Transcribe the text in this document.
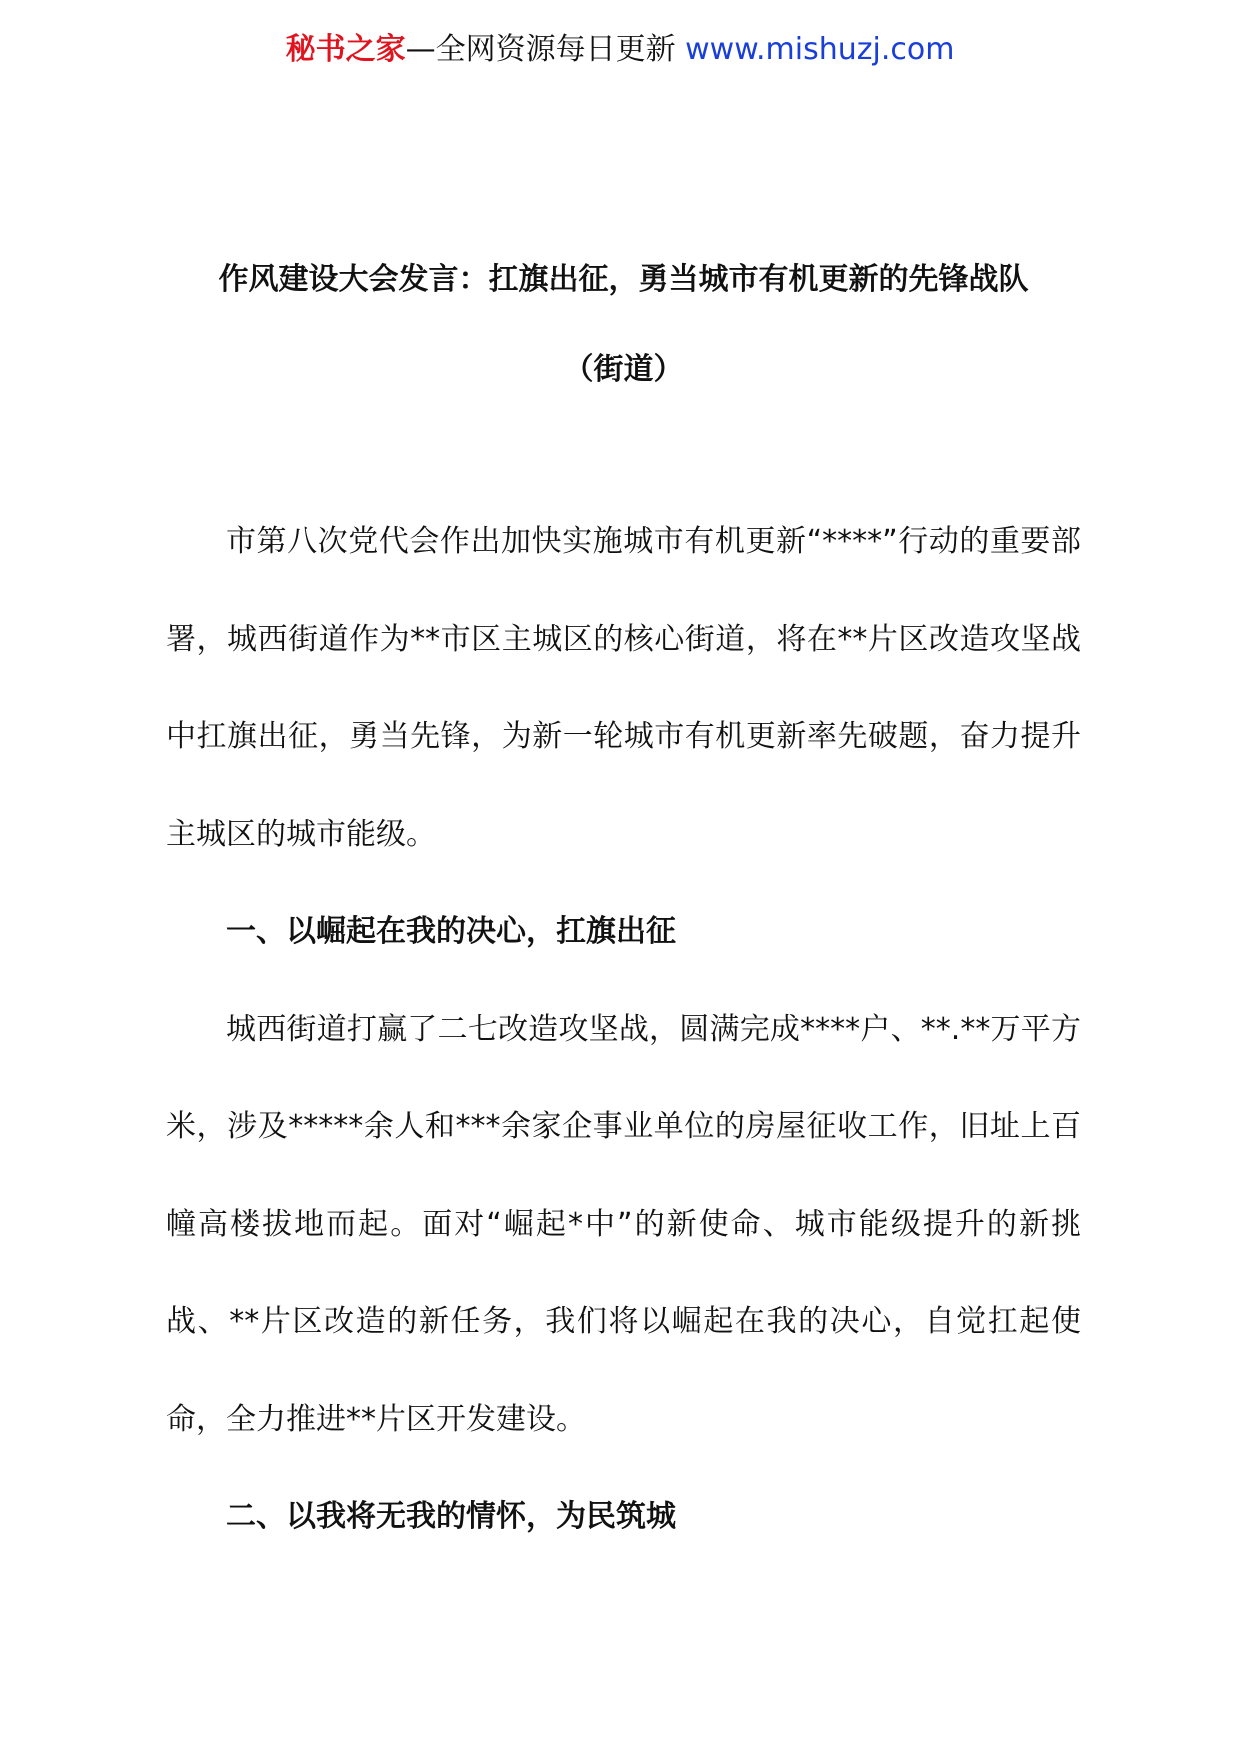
秘书之家—全网资源每日更新 www.mishuzj.com

作风建设大会发言：扛旗出征，勇当城市有机更新的先锋战队

（街道）

市第八次党代会作出加快实施城市有机更新“****”行动的重要部署，城西街道作为**市区主城区的核心街道，将在**片区改造攻坚战中扛旗出征，勇当先锋，为新一轮城市有机更新率先破题，奋力提升主城区的城市能级。

一、以崛起在我的决心，扛旗出征

城西街道打赢了二七改造攻坚战，圆满完成****户、**.**万平方米，涉及*****余人和***余家企事业单位的房屋征收工作，旧址上百幢高楼拔地而起。面对“崛起*中”的新使命、城市能级提升的新挑战、**片区改造的新任务，我们将以崛起在我的决心，自觉扛起使命，全力推进**片区开发建设。

二、以我将无我的情怀，为民筑城
